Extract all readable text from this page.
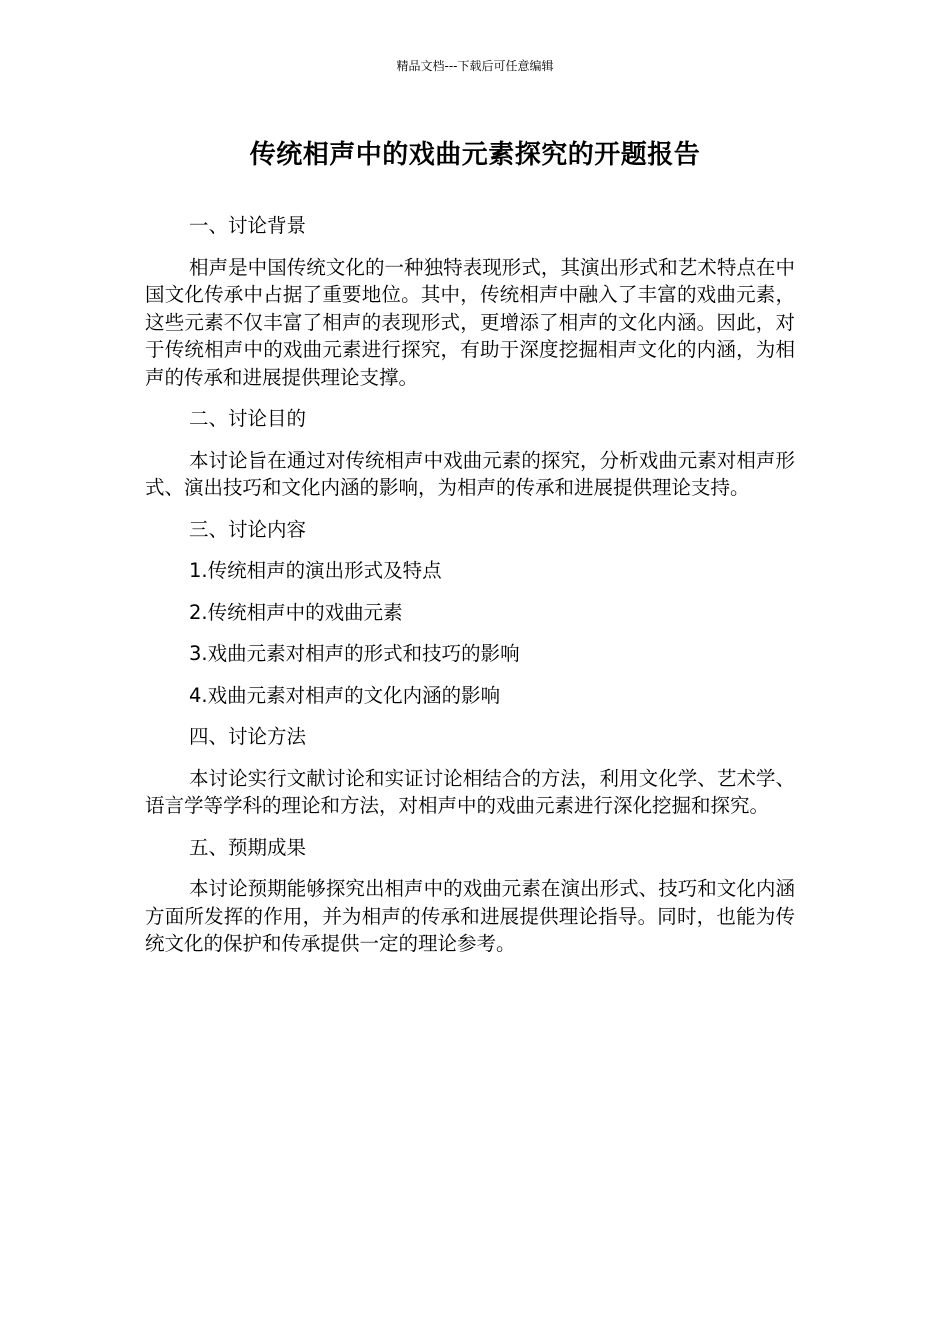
精品文档---下载后可任意编辑
传统相声中的戏曲元素探究的开题报告
一、讨论背景
相声是中国传统文化的一种独特表现形式，其演出形式和艺术特点在中国文化传承中占据了重要地位。其中，传统相声中融入了丰富的戏曲元素，这些元素不仅丰富了相声的表现形式，更增添了相声的文化内涵。因此，对于传统相声中的戏曲元素进行探究，有助于深度挖掘相声文化的内涵，为相声的传承和进展提供理论支撑。
二、讨论目的
本讨论旨在通过对传统相声中戏曲元素的探究，分析戏曲元素对相声形式、演出技巧和文化内涵的影响，为相声的传承和进展提供理论支持。
三、讨论内容
1.传统相声的演出形式及特点
2.传统相声中的戏曲元素
3.戏曲元素对相声的形式和技巧的影响
4.戏曲元素对相声的文化内涵的影响
四、讨论方法
本讨论实行文献讨论和实证讨论相结合的方法，利用文化学、艺术学、语言学等学科的理论和方法，对相声中的戏曲元素进行深化挖掘和探究。
五、预期成果
本讨论预期能够探究出相声中的戏曲元素在演出形式、技巧和文化内涵方面所发挥的作用，并为相声的传承和进展提供理论指导。同时，也能为传统文化的保护和传承提供一定的理论参考。
